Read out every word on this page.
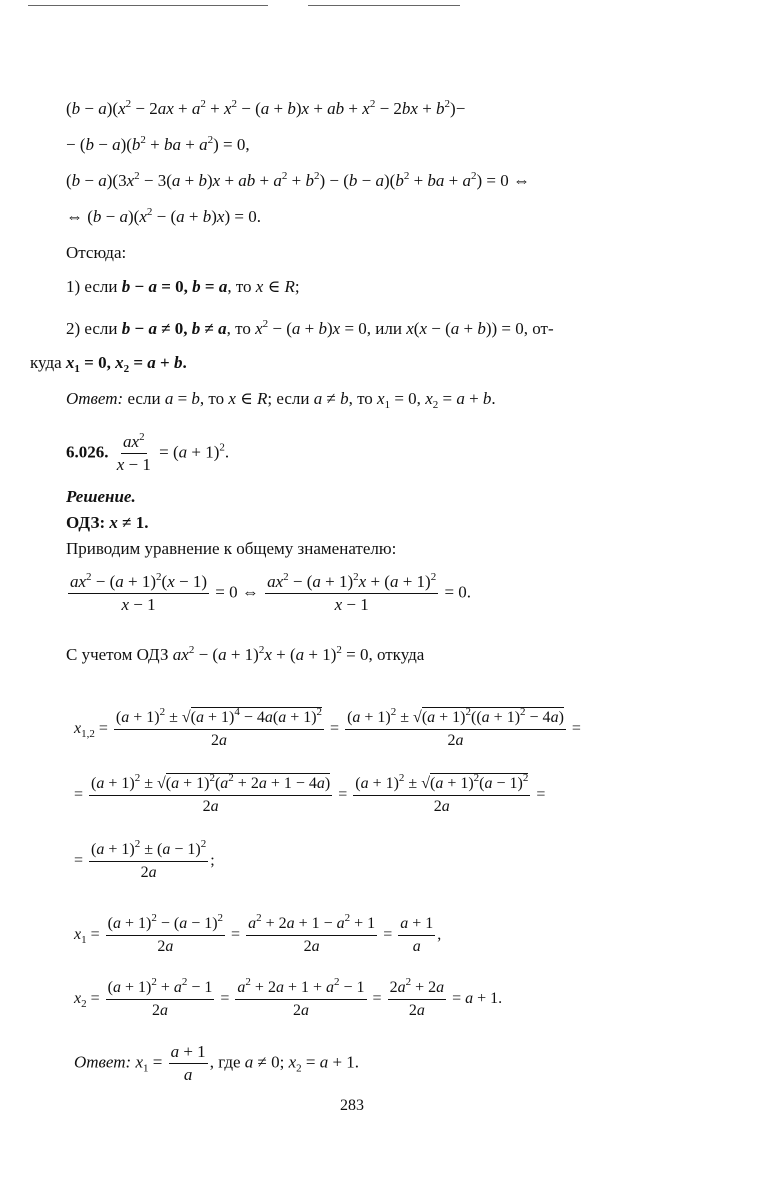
$(b - a)(x^2 - 2ax + a^2 + x^2 - (a + b)x$ + ab + $x^2 - 2bx + b^2)-$
− $(b - a)(b^2$ + ba + $a^2) = 0$,
$(b - a)(3x^2 - 3(a + b)x$ + ab + $a^2 + b^2) - (b - a)(b^2$ + ba + $a^2) = 0$ ⇔
⇔ $(b - a)(x^2 - (a + b)x) = 0$.
Отсюда:
1) если b − a = 0, b = a, то x ∈ R;
2) если b − a ≠ 0, b ≠ a, то $x^2 - (a + b)x = 0$, или x(x − (a + b)) = 0, от-
куда $x_1 = 0$, $x_2 = a + b$.
Ответ: если a = b, то x ∈ R; если a ≠ b, то $x_1 = 0$, $x_2 = a + b$.
6.026. $\frac{ax^2}{x - 1} = (a + 1)^2$.
Решение.
ОДЗ: x ≠ 1.
Приводим уравнение к общему знаменателю:
$\frac{ax^2 - (a + 1)^2(x - 1)}{x - 1} = 0$ ⇔ $\frac{ax^2 - (a + 1)^2x + (a + 1)^2}{x - 1} = 0$.
С учетом ОДЗ $ax^2 - (a + 1)^2x + (a + 1)^2 = 0$, откуда
$x_{1,2} = \frac{(a + 1)^2 \pm √(a + 1)^4 - 4a(a + 1)^2}{2a} = \frac{(a + 1)^2 \pm √(a + 1)^2((a + 1)^2 - 4a)}{2a}$ =
= $\frac{(a + 1)^2 \pm √(a + 1)^2(a^2 + 2a + 1 - 4a)}{2a} = \frac{(a + 1)^2 \pm √(a + 1)^2(a - 1)^2}{2a}$ =
= $\frac{(a + 1)^2 \pm (a - 1)^2}{2a}$ ;
$x_1 = \frac{(a + 1)^2 - (a - 1)^2}{2a} = \frac{a^2 + 2a + 1 - a^2 + 1}{2a} = \frac{a + 1}{a}$ ,
$x_2 = \frac{(a + 1)^2 + a^2 - 1}{2a} = \frac{a^2 + 2a + 1 + a^2 - 1}{2a} = \frac{2a^2 + 2a}{2a} = a + 1$.
Ответ: $x_1 = \frac{a + 1}{a}$ , где a ≠ 0; $x_2 = a + 1$.
283
